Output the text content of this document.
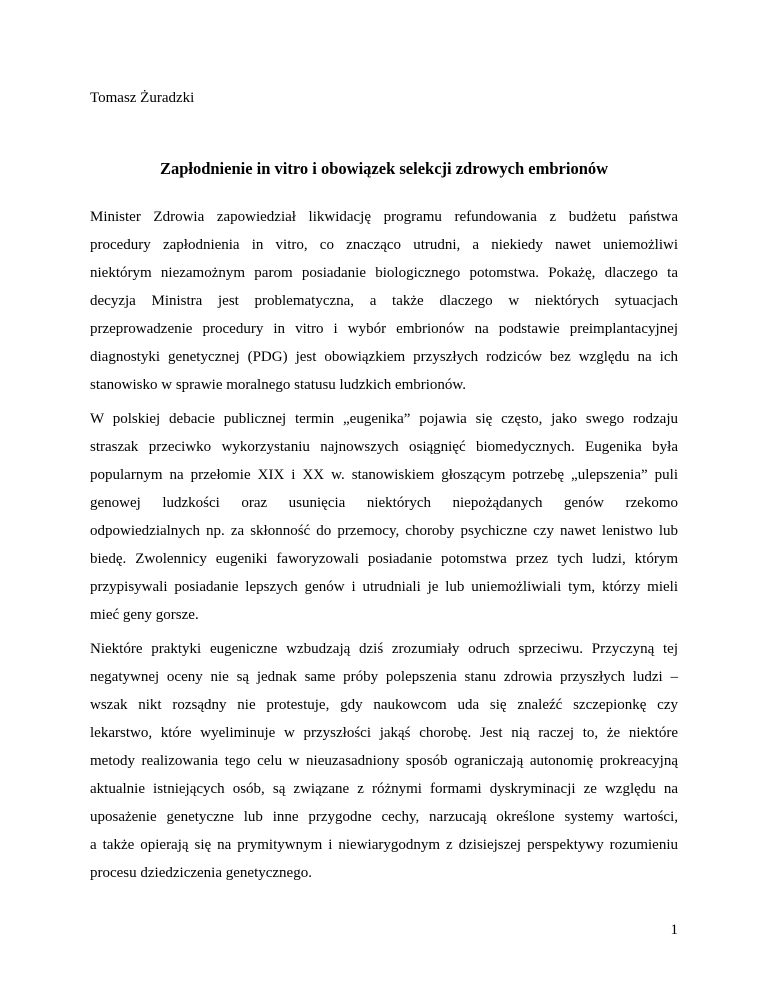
Tomasz Żuradzki
Zapłodnienie in vitro i obowiązek selekcji zdrowych embrionów
Minister Zdrowia zapowiedział likwidację programu refundowania z budżetu państwa
procedury zapłodnienia in vitro, co znacząco utrudni, a niekiedy nawet uniemożliwi
niektórym niezamożnym parom posiadanie biologicznego potomstwa. Pokażę, dlaczego ta
decyzja Ministra jest problematyczna, a także dlaczego w niektórych sytuacjach
przeprowadzenie procedury in vitro i wybór embrionów na podstawie preimplantacyjnej
diagnostyki genetycznej (PDG) jest obowiązkiem przyszłych rodziców bez względu na ich
stanowisko w sprawie moralnego statusu ludzkich embrionów.
W polskiej debacie publicznej termin „eugenika” pojawia się często, jako swego rodzaju
straszak przeciwko wykorzystaniu najnowszych osiągnięć biomedycznych. Eugenika była
popularnym na przełomie XIX i XX w. stanowiskiem głoszącym potrzebę „ulepszenia” puli
genowej ludzkości oraz usunięcia niektórych niepożądanych genów rzekomo
odpowiedzialnych np. za skłonność do przemocy, choroby psychiczne czy nawet lenistwo lub
biedę. Zwolennicy eugeniki faworyzowali posiadanie potomstwa przez tych ludzi, którym
przypisywali posiadanie lepszych genów i utrudniali je lub uniemożliwiali tym, którzy mieli
mieć geny gorsze.
Niektóre praktyki eugeniczne wzbudzają dziś zrozumiały odruch sprzeciwu. Przyczyną tej
negatywnej oceny nie są jednak same próby polepszenia stanu zdrowia przyszłych ludzi –
wszak nikt rozsądny nie protestuje, gdy naukowcom uda się znaleźć szczepionkę czy
lekarstwo, które wyeliminuje w przyszłości jakąś chorobę. Jest nią raczej to, że niektóre
metody realizowania tego celu w nieuzasadniony sposób ograniczają autonomię prokreacyjną
aktualnie istniejących osób, są związane z różnymi formami dyskryminacji ze względu na
uposażenie genetyczne lub inne przygodne cechy, narzucają określone systemy wartości,
a także opierają się na prymitywnym i niewiarygodnym z dzisiejszej perspektywy rozumieniu
procesu dziedziczenia genetycznego.
1
